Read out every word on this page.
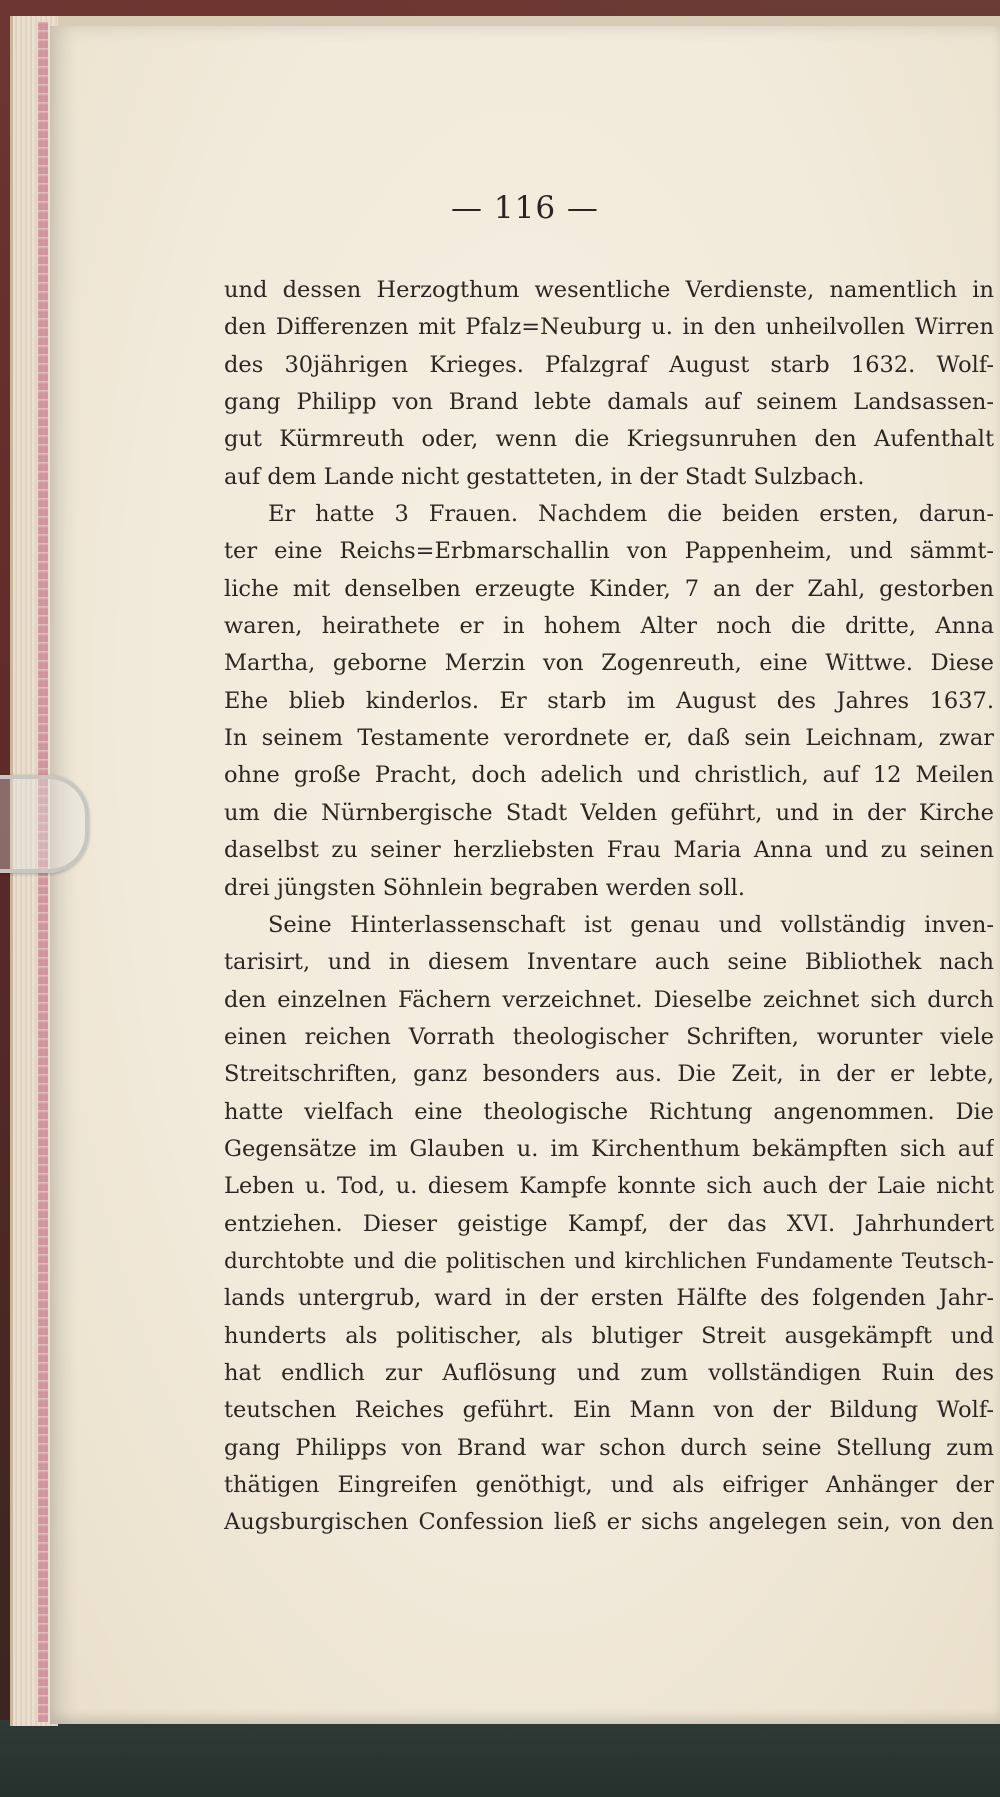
— 116 —
und dessen Herzogthum wesentliche Verdienste, namentlich in
den Differenzen mit Pfalz=Neuburg u. in den unheilvollen Wirren
des 30jährigen Krieges. Pfalzgraf August starb 1632. Wolf-
gang Philipp von Brand lebte damals auf seinem Landsassen-
gut Kürmreuth oder, wenn die Kriegsunruhen den Aufenthalt
auf dem Lande nicht gestatteten, in der Stadt Sulzbach.
Er hatte 3 Frauen. Nachdem die beiden ersten, darun-
ter eine Reichs=Erbmarschallin von Pappenheim, und sämmt-
liche mit denselben erzeugte Kinder, 7 an der Zahl, gestorben
waren, heirathete er in hohem Alter noch die dritte, Anna
Martha, geborne Merzin von Zogenreuth, eine Wittwe. Diese
Ehe blieb kinderlos. Er starb im August des Jahres 1637.
In seinem Testamente verordnete er, daß sein Leichnam, zwar
ohne große Pracht, doch adelich und christlich, auf 12 Meilen
um die Nürnbergische Stadt Velden geführt, und in der Kirche
daselbst zu seiner herzliebsten Frau Maria Anna und zu seinen
drei jüngsten Söhnlein begraben werden soll.
Seine Hinterlassenschaft ist genau und vollständig inven-
tarisirt, und in diesem Inventare auch seine Bibliothek nach
den einzelnen Fächern verzeichnet. Dieselbe zeichnet sich durch
einen reichen Vorrath theologischer Schriften, worunter viele
Streitschriften, ganz besonders aus. Die Zeit, in der er lebte,
hatte vielfach eine theologische Richtung angenommen. Die
Gegensätze im Glauben u. im Kirchenthum bekämpften sich auf
Leben u. Tod, u. diesem Kampfe konnte sich auch der Laie nicht
entziehen. Dieser geistige Kampf, der das XVI. Jahrhundert
durchtobte und die politischen und kirchlichen Fundamente Teutsch-
lands untergrub, ward in der ersten Hälfte des folgenden Jahr-
hunderts als politischer, als blutiger Streit ausgekämpft und
hat endlich zur Auflösung und zum vollständigen Ruin des
teutschen Reiches geführt. Ein Mann von der Bildung Wolf-
gang Philipps von Brand war schon durch seine Stellung zum
thätigen Eingreifen genöthigt, und als eifriger Anhänger der
Augsburgischen Confession ließ er sichs angelegen sein, von den
